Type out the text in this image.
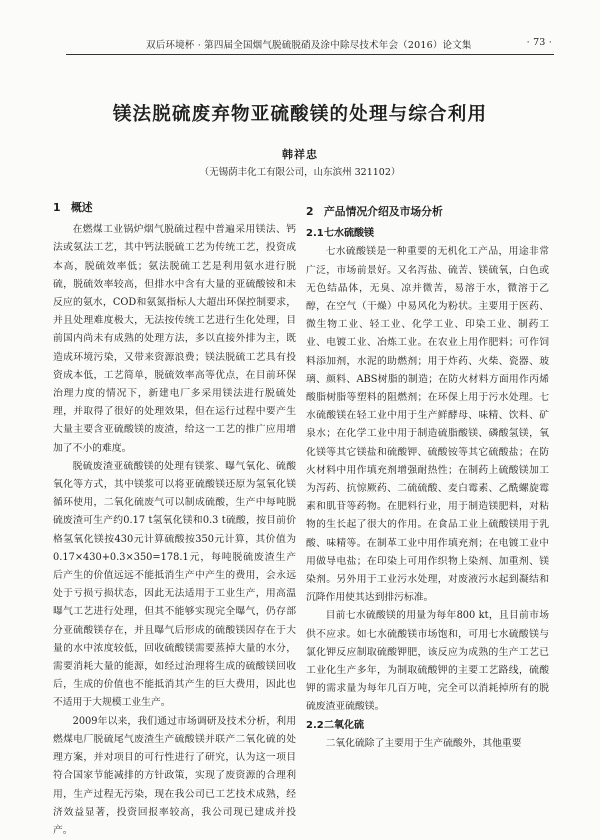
双后环境杯 · 第四届全国烟气脱硫脱硝及涂中除尽技术年会（2016）论文集	· 73 ·
镁法脱硫废弃物亚硫酸镁的处理与综合利用
韩祥忠
（无锡荫丰化工有限公司，山东滨州 321102）
1 概述

在燃煤工业锅炉烟气脱硫过程中普遍采用镁法、钙法或氨法工艺，其中钙法脱硫工艺为传统工艺，投资成本高，脱硫效率低；氨法脱硫工艺是利用氨水进行脱硫，脱硫效率较高，但排水中含有大量的亚硫酸铵和未反应的氨水，COD和氨氮指标人大超出环保控制要求，并且处理难度极大，无法按传统工艺进行生化处理，目前国内尚未有成熟的处理方法，多以直接外排为主，既造成环境污染，又带来资源浪费；镁法脱硫工艺具有投资成本低，工艺简单，脱硫效率高等优点，在目前环保治理力度的情况下，新建电厂多采用镁法进行脱硫处理，并取得了很好的处理效果，但在运行过程中要产生大量主要含亚硫酸镁的废渣，给这一工艺的推广应用增加了不小的难度。

脱硫废渣亚硫酸镁的处理有镁浆、曝气氧化、硫酸氧化等方式，其中镁浆可以将亚硫酸镁还原为氢氧化镁循环使用，二氧化硫废气可以制成硫酸，生产中每吨脱硫废渣可生产约0.17 t氢氧化镁和0.3 t硫酸，按目前价格氢氧化镁按430元计算硫酸按350元计算，其价值为0.17×430+0.3×350=178.1元，每吨脱硫废渣生产后产生的价值远远不能抵消生产中产生的费用，会永远处于亏损亏损状态，因此无法适用于工业生产，用高温曝气工艺进行处理，但其不能够实现完全曝气，仍存部分亚硫酸镁存在，并且曝气后形成的硫酸镁因存在于大量的水中浓度较低，回收硫酸镁需要蒸掉大量的水分，需要消耗大量的能源，如经过治理将生成的硫酸镁回收后，生成的价值也不能抵消其产生的巨大费用，因此也不适用于大规模工业生产。

2009年以来，我们通过市场调研及技术分析，利用燃煤电厂脱硫尾气废渣生产硫酸镁并联产二氧化硫的处理方案，并对项目的可行性进行了研究，认为这一项目符合国家节能减排的方针政策，实现了废资源的合理利用，生产过程无污染，现在我公司已工艺技术成熟，经济效益显著，投资回报率较高，我公司现已建成并投产。

2 产品情况介绍及市场分析
2.1七水硫酸镁

七水硫酸镁是一种重要的无机化工产品，用途非常广泛，市场前景好。又名泻盐、硫苦、镁硫氧，白色或无色结晶体，无臭、凉并微苦，易溶于水，微溶于乙醇，在空气（干燥）中易风化为粉状。主要用于医药、微生物工业、轻工业、化学工业、印染工业、制药工业、电镀工业、冶炼工业。在农业上用作肥料；可作饲料添加剂，水泥的助燃剂；用于炸药、火柴、瓷器、玻璃、颜料、ABS树脂的制造；在防火材料方面用作丙烯酸脂树脂等塑料的阻燃剂；在环保上用于污水处理。七水硫酸镁在轻工业中用于生产鲜酵母、味精、饮料、矿泉水；在化学工业中用于制造硫脂酸镁、磷酸氢镁，氧化镁等其它镁盐和硫酸钾、硫酸铵等其它硫酸盐；在防火材料中用作填充剂增强耐热性；在制药上硫酸镁加工为泻药、抗惊厥药、二硫硫酸、麦白霉素、乙酰螺旋霉素和肌苷等药物。在肥料行业，用于制造镁肥料，对粘物的生长起了很大的作用。在食品工业上硫酸镁用于乳酸、味精等。在制革工业中用作填充剂；在电镀工业中用做导电盐；在印染上可用作织物上染剂、加重剂、镁染剂。另外用于工业污水处理，对废液污水起到凝结和沉降作用使其达到排污标准。

目前七水硫酸镁的用量为每年800 kt，且目前市场供不应求。如七水硫酸镁市场饱和，可用七水硫酸镁与氯化钾反应制取硫酸钾肥，该反应为成熟的生产工艺已工业化生产多年，为制取硫酸钾的主要工艺路线，硫酸钾的需求量为每年几百万吨，完全可以消耗掉所有的脱硫废渣亚硫酸镁。

2.2二氧化硫

二氧化硫除了主要用于生产硫酸外，其他重要
